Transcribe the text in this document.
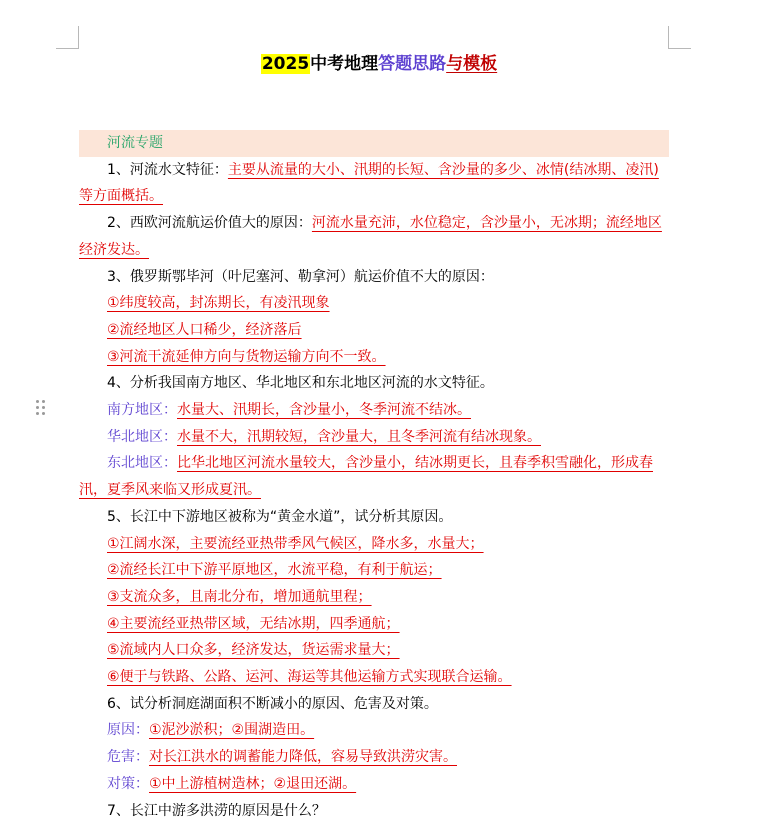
2025中考地理答题思路与模板

河流专题

1、河流水文特征：主要从流量的大小、汛期的长短、含沙量的多少、冰情(结冰期、凌汛)等方面概括。

2、西欧河流航运价值大的原因：河流水量充沛，水位稳定，含沙量小，无冰期；流经地区经济发达。

3、俄罗斯鄂毕河（叶尼塞河、勒拿河）航运价值不大的原因：

①纬度较高，封冻期长，有凌汛现象

②流经地区人口稀少，经济落后

③河流干流延伸方向与货物运输方向不一致。

4、分析我国南方地区、华北地区和东北地区河流的水文特征。

南方地区：水量大、汛期长，含沙量小，冬季河流不结冰。

华北地区：水量不大，汛期较短，含沙量大，且冬季河流有结冰现象。

东北地区：比华北地区河流水量较大，含沙量小，结冰期更长，且春季积雪融化，形成春汛，夏季风来临又形成夏汛。

5、长江中下游地区被称为“黄金水道”，试分析其原因。

①江阔水深，主要流经亚热带季风气候区，降水多，水量大；

②流经长江中下游平原地区，水流平稳，有利于航运；

③支流众多，且南北分布，增加通航里程；

④主要流经亚热带区域，无结冰期，四季通航；

⑤流域内人口众多，经济发达，货运需求量大；

⑥便于与铁路、公路、运河、海运等其他运输方式实现联合运输。

6、试分析洞庭湖面积不断减小的原因、危害及对策。

原因：①泥沙淤积；②围湖造田。

危害：对长江洪水的调蓄能力降低，容易导致洪涝灾害。

对策：①中上游植树造林；②退田还湖。

7、长江中游多洪涝的原因是什么？
